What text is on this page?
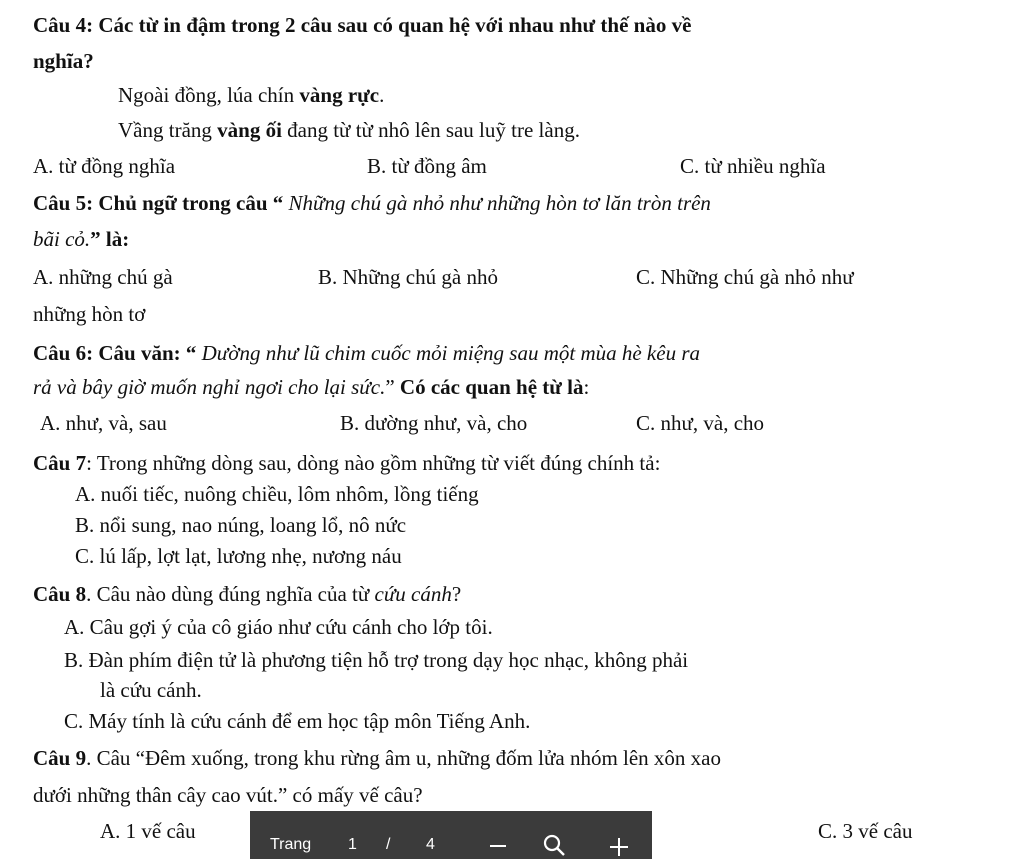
Câu 4: Các từ in đậm trong 2 câu sau có quan hệ với nhau như thế nào về
nghĩa?
Ngoài đồng, lúa chín vàng rực.
Vầng trăng vàng ối đang từ từ nhô lên sau luỹ tre làng.
A. từ đồng nghĩa	B. từ đồng âm	C. từ nhiều nghĩa
Câu 5: Chủ ngữ trong câu “ Những chú gà nhỏ như những hòn tơ lăn tròn trên
bãi cỏ.” là:
A. những chú gà	B. Những chú gà nhỏ	C. Những chú gà nhỏ như
những hòn tơ
Câu 6: Câu văn: “ Dường như lũ chim cuốc mỏi miệng sau một mùa hè kêu ra
rả và bây giờ muốn nghỉ ngơi cho lại sức.” Có các quan hệ từ là:
A. như, và, sau	B. dường như, và, cho	C. như, và, cho
Câu 7: Trong những dòng sau, dòng nào gồm những từ viết đúng chính tả:
A. nuối tiếc, nuông chiều, lôm nhôm, lồng tiếng
B. nổi sung, nao núng, loang lổ, nô nức
C. lú lấp, lợt lạt, lương nhẹ, nương náu
Câu 8. Câu nào dùng đúng nghĩa của từ cứu cánh?
A. Câu gợi ý của cô giáo như cứu cánh cho lớp tôi.
B. Đàn phím điện tử là phương tiện hỗ trợ trong dạy học nhạc, không phải
là cứu cánh.
C. Máy tính là cứu cánh để em học tập môn Tiếng Anh.
Câu 9. Câu “Đêm xuống, trong khu rừng âm u, những đốm lửa nhóm lên xôn xao
dưới những thân cây cao vút.” có mấy vế câu?
A. 1 vế câu	C. 3 vế câu
Trang 1 / 4
